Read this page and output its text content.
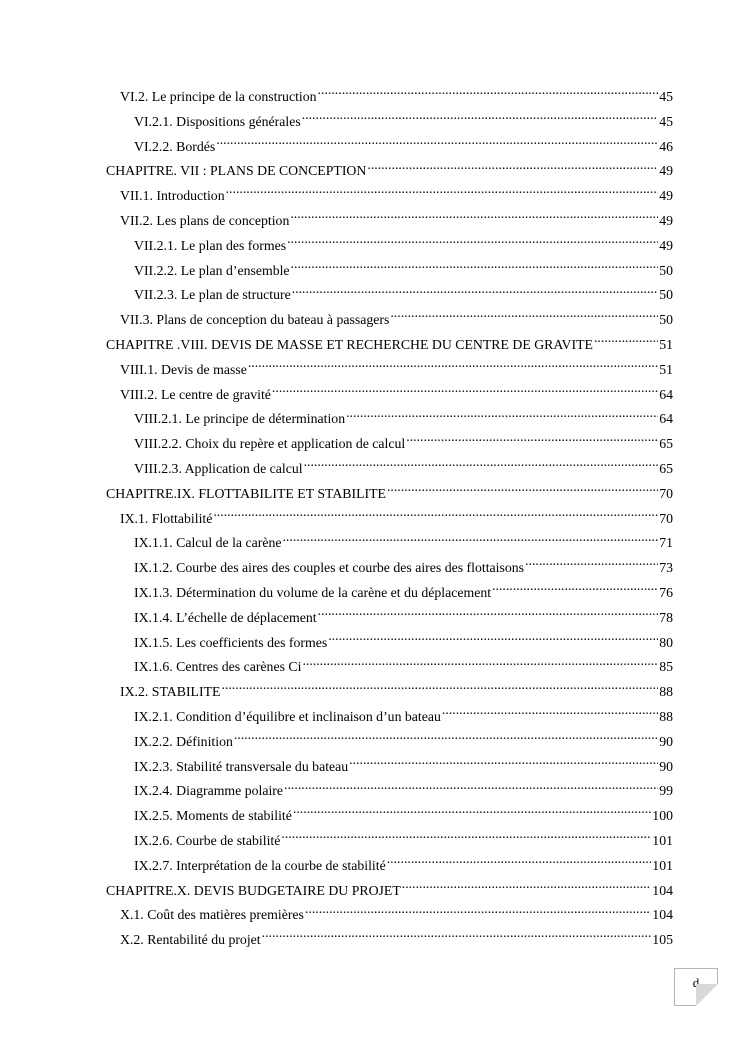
VI.2. Le principe de la construction .....	45
VI.2.1. Dispositions générales .....	45
VI.2.2. Bordés .....	46
CHAPITRE. VII : PLANS DE CONCEPTION .....	49
VII.1. Introduction .....	49
VII.2. Les plans de conception .....	49
VII.2.1. Le plan des formes .....	49
VII.2.2. Le plan d’ensemble .....	50
VII.2.3. Le plan de structure .....	50
VII.3. Plans de conception du bateau à passagers .....	50
CHAPITRE .VIII. DEVIS DE MASSE ET RECHERCHE DU CENTRE DE GRAVITE .....	51
VIII.1. Devis de masse .....	51
VIII.2. Le centre de gravité .....	64
VIII.2.1. Le principe de détermination .....	64
VIII.2.2. Choix du repère et application de calcul .....	65
VIII.2.3. Application de calcul .....	65
CHAPITRE.IX. FLOTTABILITE ET STABILITE .....	70
IX.1. Flottabilité .....	70
IX.1.1. Calcul de la carène .....	71
IX.1.2. Courbe des aires des couples et courbe des aires des flottaisons .....	73
IX.1.3. Détermination du volume de la carène et du déplacement .....	76
IX.1.4. L’échelle de déplacement .....	78
IX.1.5. Les coefficients des formes .....	80
IX.1.6. Centres des carènes Ci .....	85
IX.2. STABILITE .....	88
IX.2.1. Condition d’équilibre et inclinaison d’un bateau .....	88
IX.2.2. Définition .....	90
IX.2.3. Stabilité transversale du bateau .....	90
IX.2.4. Diagramme polaire .....	99
IX.2.5. Moments de stabilité .....	100
IX.2.6. Courbe de stabilité .....	101
IX.2.7. Interprétation de la courbe de stabilité .....	101
CHAPITRE.X. DEVIS BUDGETAIRE DU PROJET .....	104
X.1. Coût des matières premières .....	104
X.2. Rentabilité du projet .....	105
d
